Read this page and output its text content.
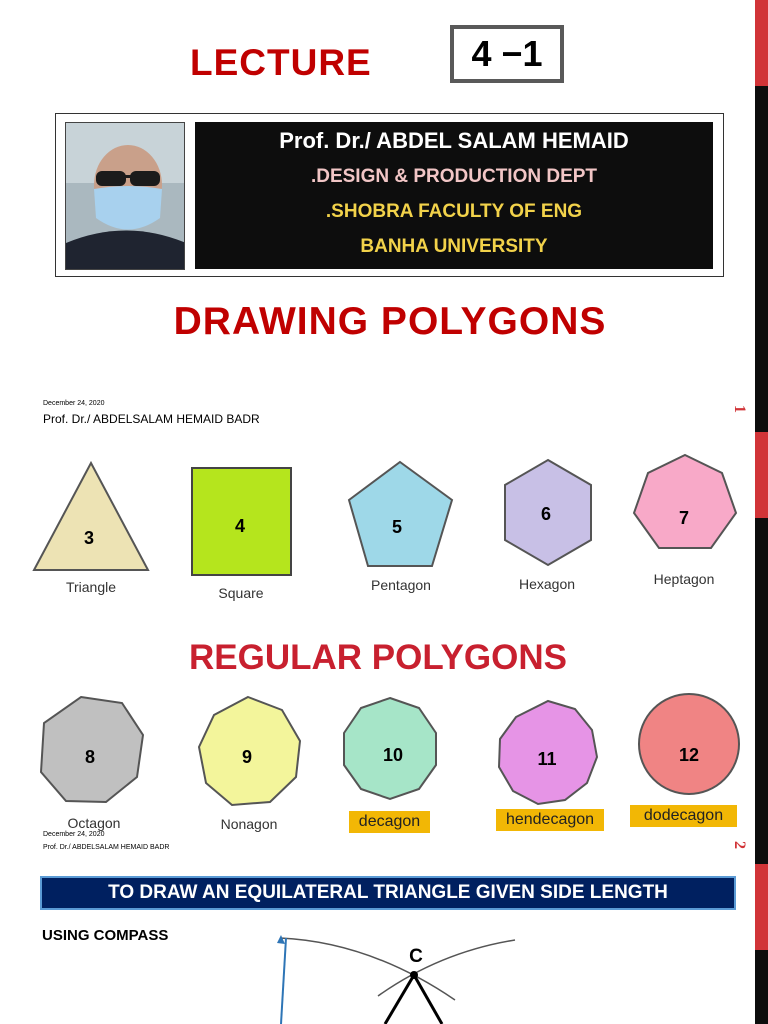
1
2
LECTURE	4 −1
Prof. Dr./ ABDEL SALAM HEMAID
.DESIGN & PRODUCTION DEPT
.SHOBRA FACULTY OF ENG
BANHA UNIVERSITY
DRAWING POLYGONS
December 24, 2020
Prof. Dr./ ABDELSALAM HEMAID BADR
3
4	5
6	7
Triangle	Square	Pentagon	Hexagon	Heptagon
REGULAR POLYGONS
8	9	10	11	12
Octagon	Nonagon	decagon	hendecagon	dodecagon
December 24, 2020
Prof. Dr./ ABDELSALAM HEMAID BADR
TO DRAW AN EQUILATERAL TRIANGLE GIVEN SIDE LENGTH
USING COMPASS
C
